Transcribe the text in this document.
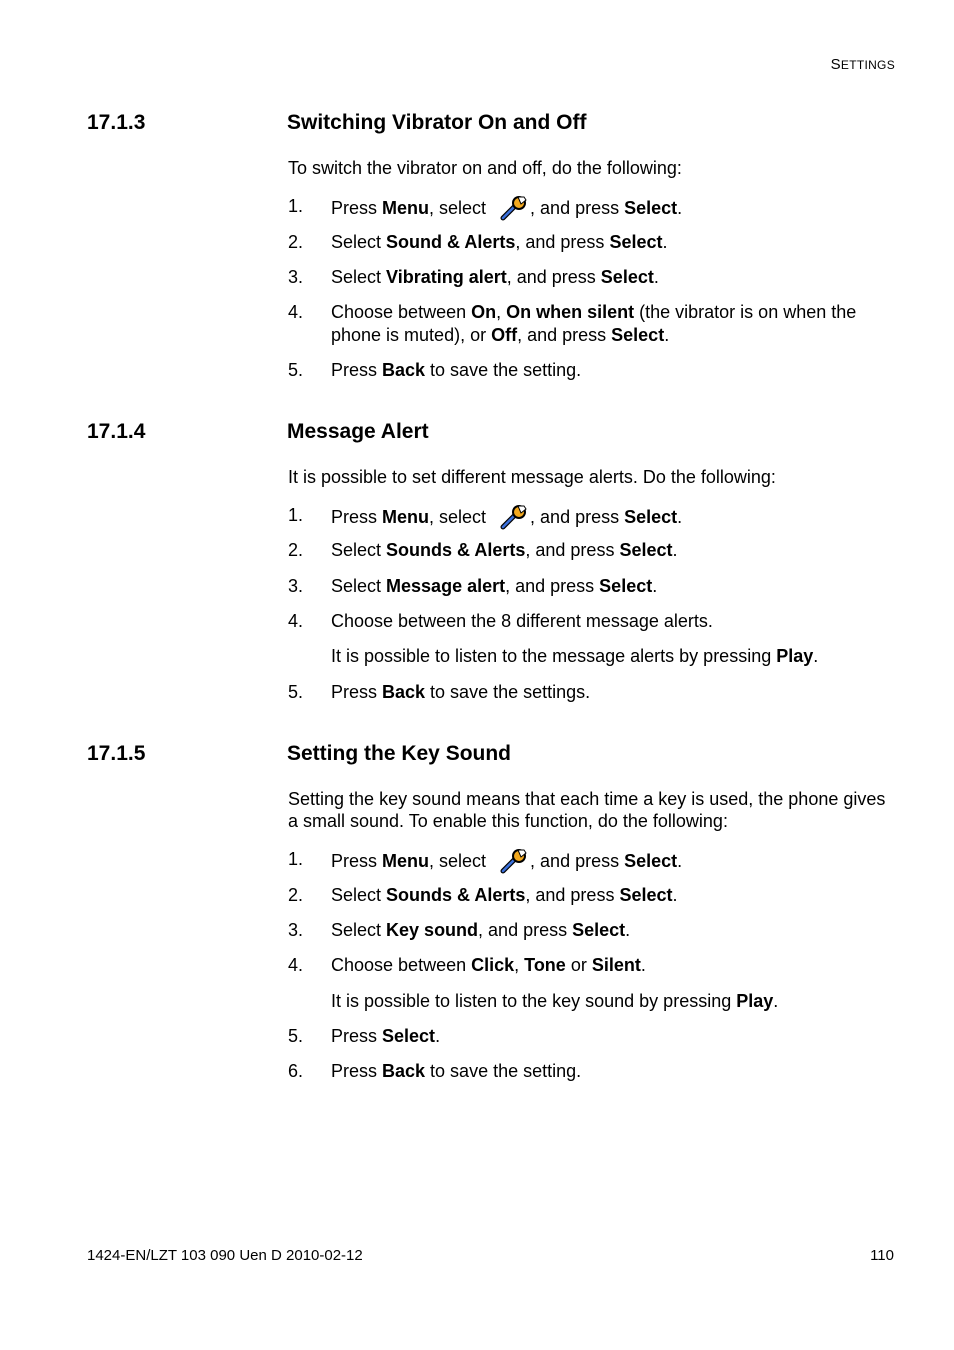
SETTINGS
17.1.3	Switching Vibrator On and Off
To switch the vibrator on and off, do the following:
1. Press Menu, select , and press Select.
2. Select Sound & Alerts, and press Select.
3. Select Vibrating alert, and press Select.
4. Choose between On, On when silent (the vibrator is on when the phone is muted), or Off, and press Select.
5. Press Back to save the setting.
17.1.4	Message Alert
It is possible to set different message alerts. Do the following:
1. Press Menu, select , and press Select.
2. Select Sounds & Alerts, and press Select.
3. Select Message alert, and press Select.
4. Choose between the 8 different message alerts.
It is possible to listen to the message alerts by pressing Play.
5. Press Back to save the settings.
17.1.5	Setting the Key Sound
Setting the key sound means that each time a key is used, the phone gives a small sound. To enable this function, do the following:
1. Press Menu, select , and press Select.
2. Select Sounds & Alerts, and press Select.
3. Select Key sound, and press Select.
4. Choose between Click, Tone or Silent.
It is possible to listen to the key sound by pressing Play.
5. Press Select.
6. Press Back to save the setting.
1424-EN/LZT 103 090 Uen D 2010-02-12	110
